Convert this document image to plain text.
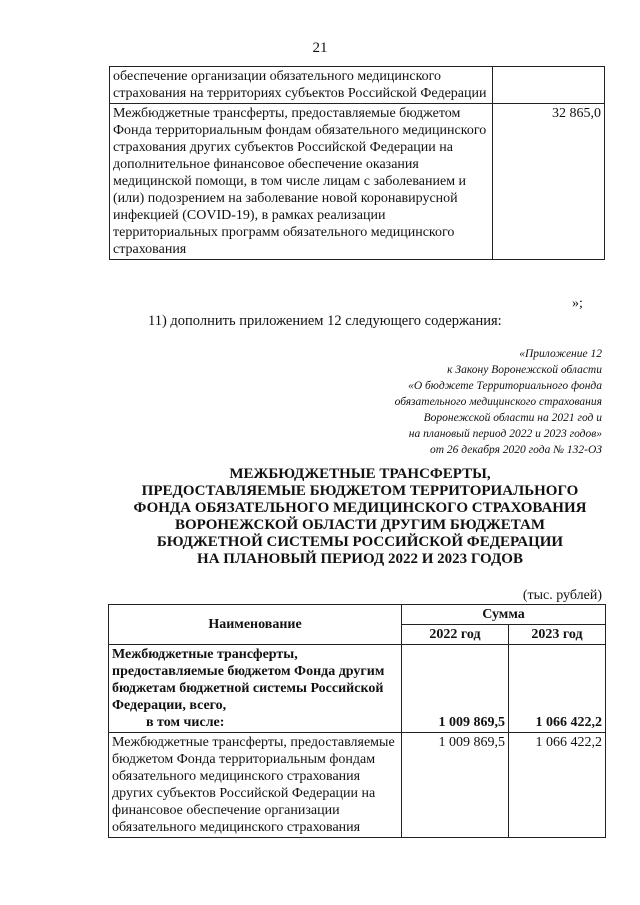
21
обеспечение организации обязательного медицинского страхования на территориях субъектов Российской Федерации	
Межбюджетные трансферты, предоставляемые бюджетом Фонда территориальным фондам обязательного медицинского страхования других субъектов Российской Федерации на дополнительное финансовое обеспечение оказания медицинской помощи, в том числе лицам с заболеванием и (или) подозрением на заболевание новой коронавирусной инфекцией (COVID-19), в рамках реализации территориальных программ обязательного медицинского страхования	32 865,0
»;
11) дополнить приложением 12 следующего содержания:
«Приложение 12
к Закону Воронежской области
«О бюджете Территориального фонда
обязательного медицинского страхования
Воронежской области на 2021 год и
на плановый период 2022 и 2023 годов»
от 26 декабря 2020 года № 132-ОЗ
МЕЖБЮДЖЕТНЫЕ ТРАНСФЕРТЫ,
ПРЕДОСТАВЛЯЕМЫЕ БЮДЖЕТОМ ТЕРРИТОРИАЛЬНОГО
ФОНДА ОБЯЗАТЕЛЬНОГО МЕДИЦИНСКОГО СТРАХОВАНИЯ
ВОРОНЕЖСКОЙ ОБЛАСТИ ДРУГИМ БЮДЖЕТАМ
БЮДЖЕТНОЙ СИСТЕМЫ РОССИЙСКОЙ ФЕДЕРАЦИИ
НА ПЛАНОВЫЙ ПЕРИОД 2022 И 2023 ГОДОВ
(тыс. рублей)
Наименование	Сумма	
	2022 год	2023 год
Межбюджетные трансферты, предоставляемые бюджетом Фонда другим бюджетам бюджетной системы Российской Федерации, всего,
в том числе:	1 009 869,5	1 066 422,2
Межбюджетные трансферты, предоставляемые бюджетом Фонда территориальным фондам обязательного медицинского страхования других субъектов Российской Федерации на финансовое обеспечение организации обязательного медицинского страхования	1 009 869,5	1 066 422,2
